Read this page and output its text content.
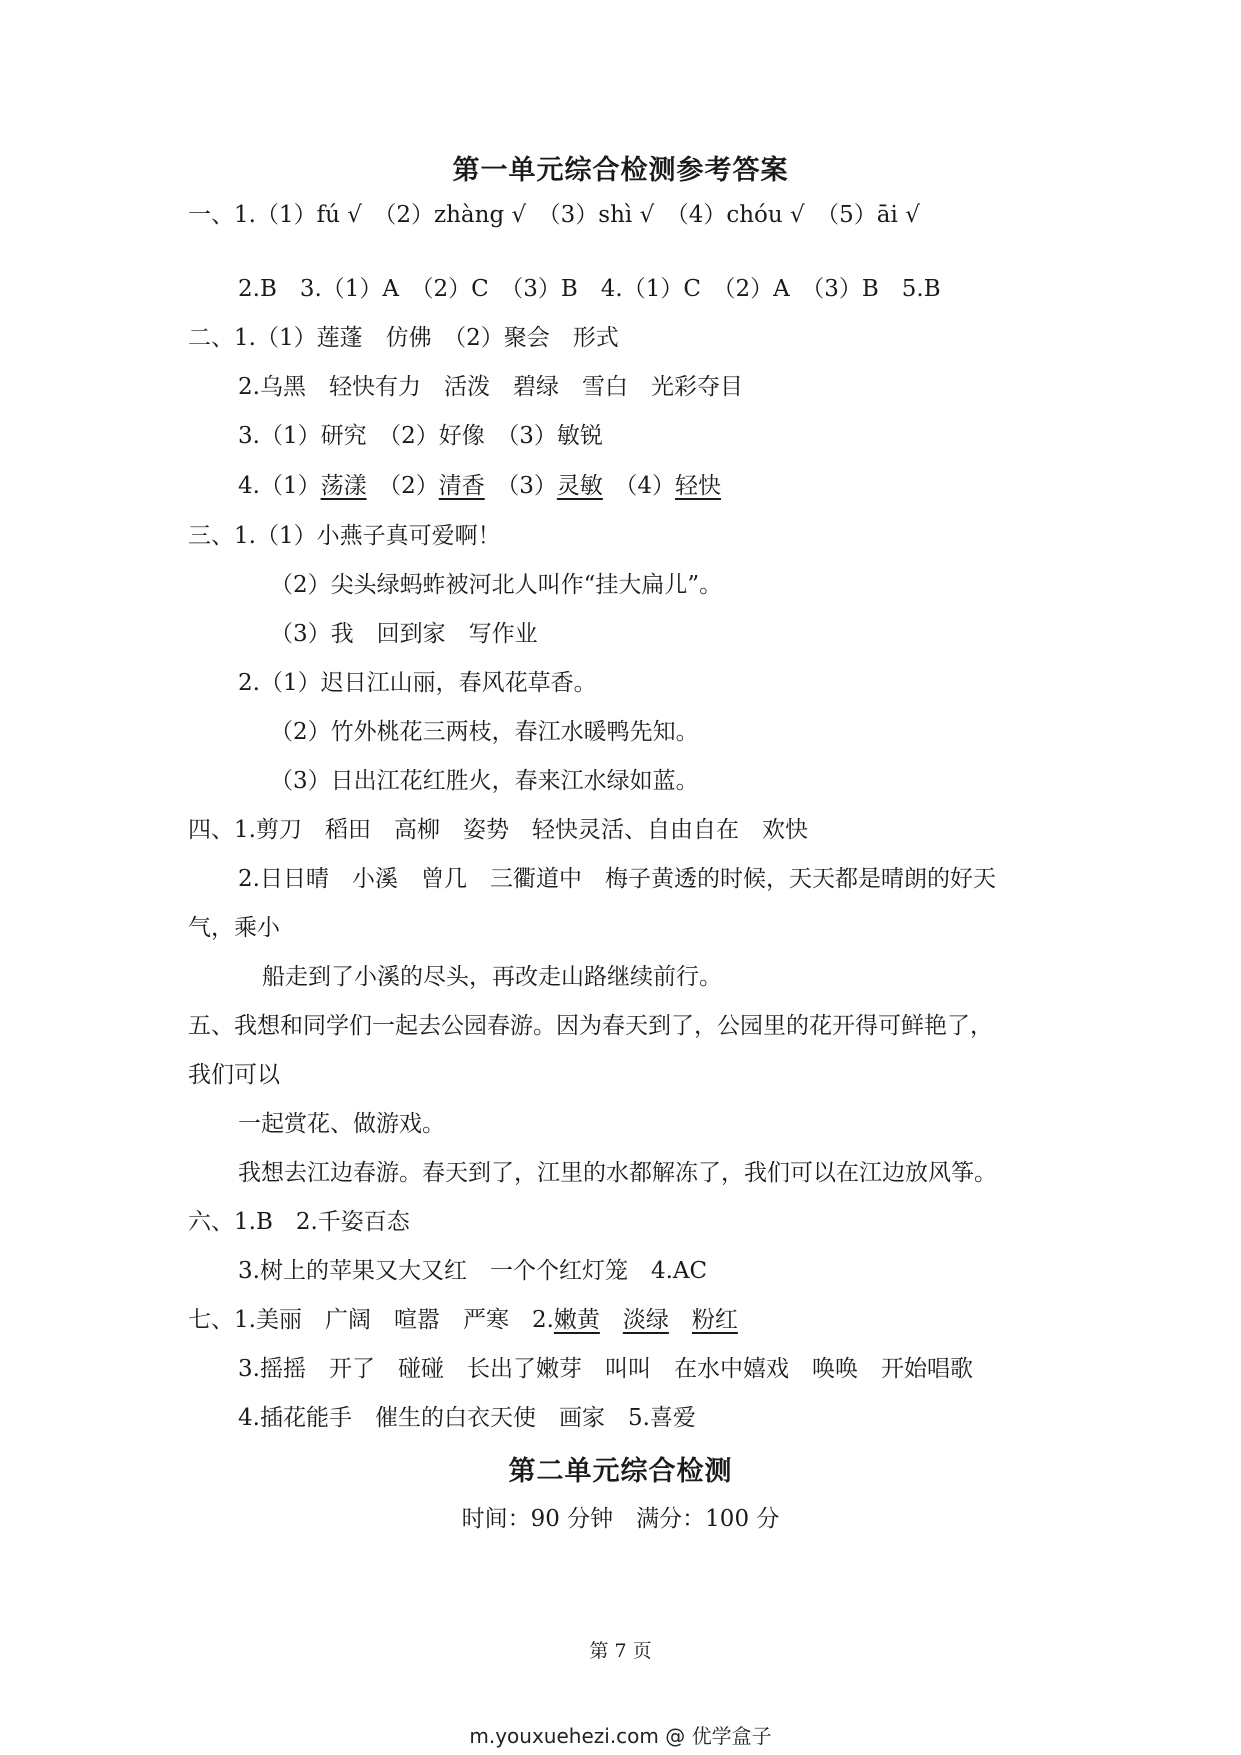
第一单元综合检测参考答案
一、1.（1）fú √　（2）zhàng √　（3）shì √　（4）chóu √　（5）āi √
2.B　3.（1）A　（2）C　（3）B　4.（1）C　（2）A　（3）B　5.B
二、1.（1）莲蓬　仿佛　（2）聚会　形式
2.乌黑　轻快有力　活泼　碧绿　雪白　光彩夺目
3.（1）研究　（2）好像　（3）敏锐
4.（1）荡漾　（2）清香　（3）灵敏　（4）轻快
三、1.（1）小燕子真可爱啊！
（2）尖头绿蚂蚱被河北人叫作“挂大扁儿”。
（3）我　回到家　写作业
2.（1）迟日江山丽，春风花草香。
（2）竹外桃花三两枝，春江水暖鸭先知。
（3）日出江花红胜火，春来江水绿如蓝。
四、1.剪刀　稻田　高柳　姿势　轻快灵活、自由自在　欢快
2.日日晴　小溪　曾几　三衢道中　梅子黄透的时候，天天都是晴朗的好天
气，乘小
船走到了小溪的尽头，再改走山路继续前行。
五、我想和同学们一起去公园春游。因为春天到了，公园里的花开得可鲜艳了，
我们可以
一起赏花、做游戏。
我想去江边春游。春天到了，江里的水都解冻了，我们可以在江边放风筝。
六、1.B　2.千姿百态
3.树上的苹果又大又红　一个个红灯笼　4.AC
七、1.美丽　广阔　喧嚣　严寒　2.嫩黄　 淡绿　 粉红
3.摇摇　开了　碰碰　长出了嫩芽　叫叫　在水中嬉戏　唤唤　开始唱歌
4.插花能手　催生的白衣天使　画家　5.喜爱
第二单元综合检测
时间：90 分钟　满分：100 分
第 7 页
m.youxuehezi.com @ 优学盒子
